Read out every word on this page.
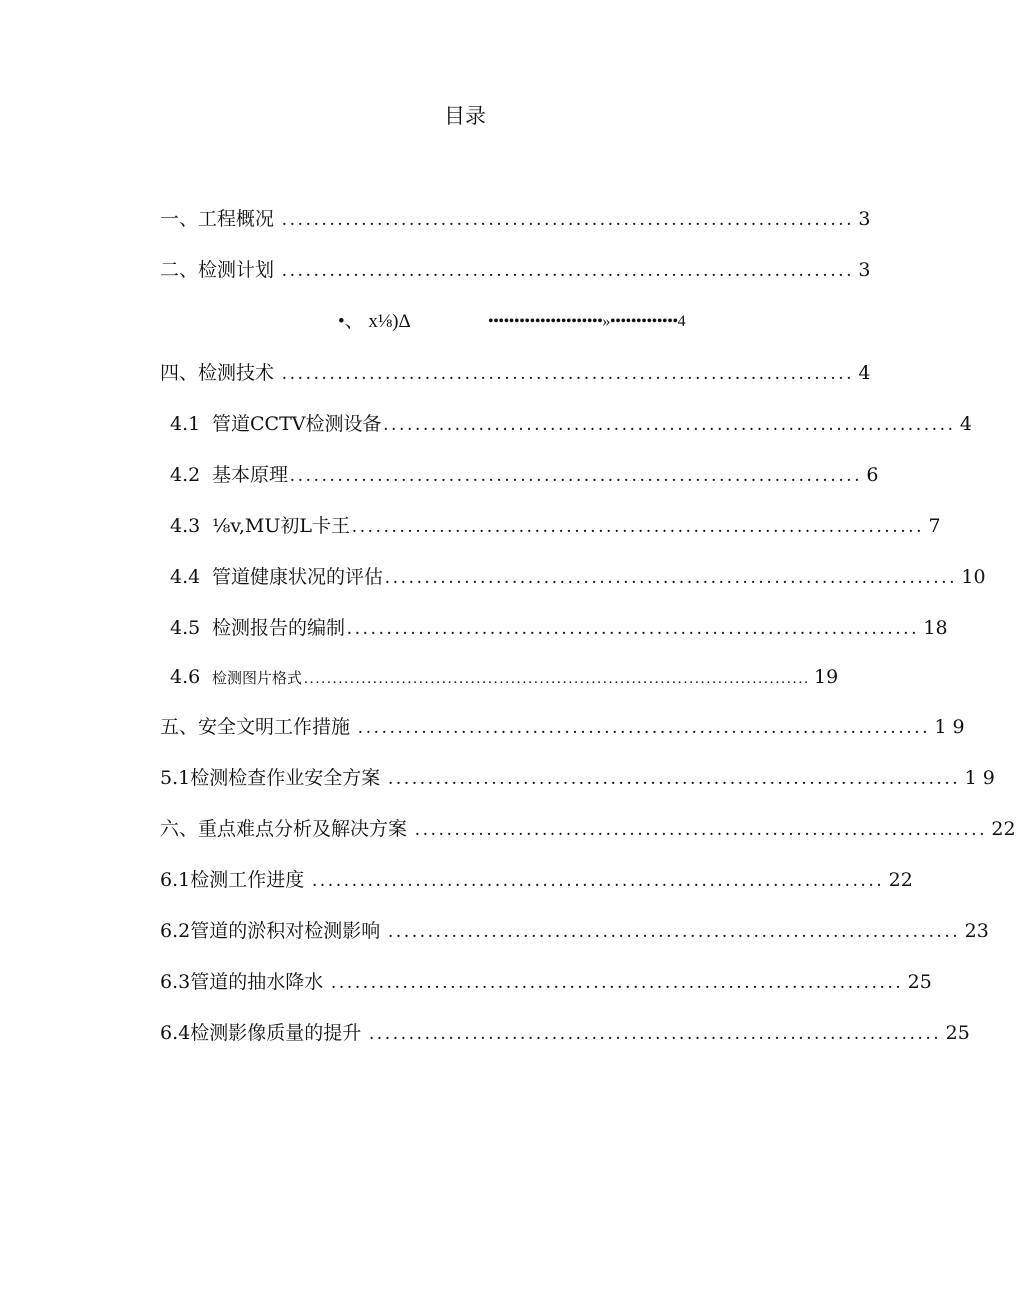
目录
一、工程概况 ........................................................................ 3
二、检测计划 ........................................................................ 3
•、 x⅛)Δ	••••••••••••••••••••••»•••••••••••••4
四、检测技术 ........................................................................ 4
4.1 管道CCTV检测设备 ........................................................................ 4
4.2 基本原理 ........................................................................ 6
4.3 ⅛v,MU初L卡王 ........................................................................ 7
4.4 管道健康状况的评估 ........................................................................ 10
4.5 检测报告的编制 ........................................................................ 18
4.6 检测图片格式 ........................................................................................ 19
五、安全文明工作措施 ........................................................................ 1 9
5.1检测检查作业安全方案 ........................................................................ 1 9
六、重点难点分析及解决方案 ........................................................................ 22
6.1检测工作进度 ........................................................................ 22
6.2管道的淤积对检测影响 ........................................................................ 23
6.3管道的抽水降水 ........................................................................ 25
6.4检测影像质量的提升 ........................................................................ 25
